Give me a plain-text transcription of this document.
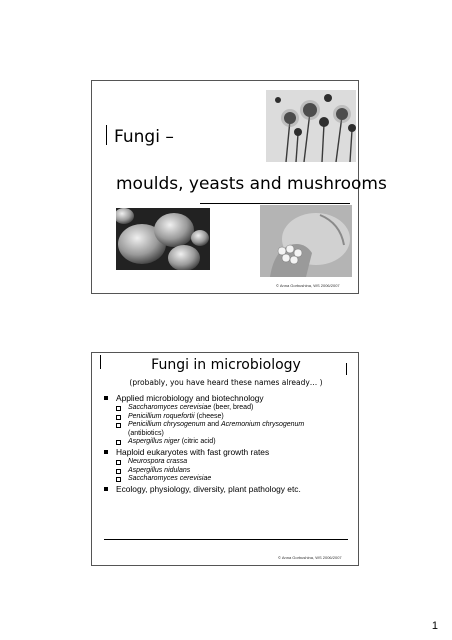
Fungi –
moulds, yeasts and mushrooms
© Anna Gorbushina, WS 2006/2007
Fungi in microbiology
(probably, you have heard these names already… )
Applied microbiology and biotechnology
Saccharomyces cerevisiae (beer, bread)
Penicillium roquefortii (cheese)
Penicillium chrysogenum and Acremonium chrysogenum
(antibiotics)
Aspergillus niger (citric acid)
Haploid eukaryotes with fast growth rates
Neurospora crassa
Aspergillus nidulans
Saccharomyces cerevisiae
Ecology, physiology, diversity, plant pathology etc.
© Anna Gorbushina, WS 2006/2007
1
